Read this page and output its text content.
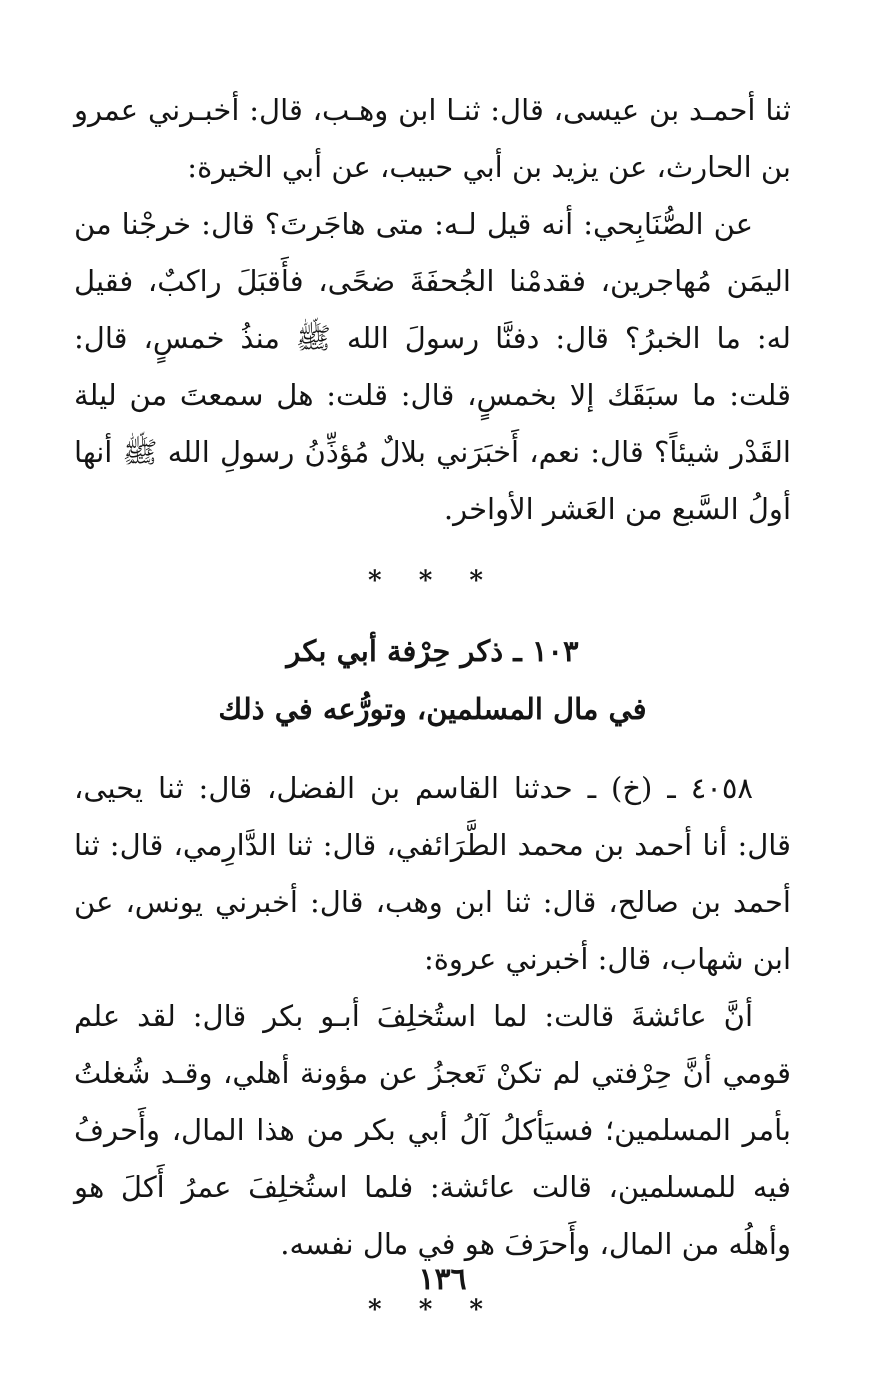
ثنا أحمـد بن عيسى، قال: ثنـا ابن وهـب، قال: أخبـرني عمرو بن الحارث، عن يزيد بن أبي حبيب، عن أبي الخيرة:

عن الصُّنَابِحي: أنه قيل لـه: متى هاجَرتَ؟ قال: خرجْنا من اليمَن مُهاجرين، فقدمْنا الجُحفَةَ ضحًى، فأَقبَلَ راكبٌ، فقيل له: ما الخبرُ؟ قال: دفنَّا رسولَ الله ﷺ منذُ خمسٍ، قال: قلت: ما سبَقَك إلا بخمسٍ، قال: قلت: هل سمعتَ من ليلة القَدْر شيئاً؟ قال: نعم، أَخبَرَني بلالٌ مُؤذِّنُ رسولِ الله ﷺ أنها أولُ السَّبع من العَشر الأواخر.

* * *
١٠٣ ـ ذكر حِرْفة أبي بكر
في مال المسلمين، وتورُّعه في ذلك

٤٠٥٨ ـ (خ) ـ حدثنا القاسم بن الفضل، قال: ثنا يحيى، قال: أنا أحمد بن محمد الطَّرَائفي، قال: ثنا الدَّارِمي، قال: ثنا أحمد بن صالح، قال: ثنا ابن وهب، قال: أخبرني يونس، عن ابن شهاب، قال: أخبرني عروة:

أنَّ عائشةَ قالت: لما استُخلِفَ أبـو بكر قال: لقد علم قومي أنَّ حِرْفتي لم تكنْ تَعجزُ عن مؤونة أهلي، وقـد شُغلتُ بأمر المسلمين؛ فسيَأكلُ آلُ أبي بكر من هذا المال، وأَحرفُ فيه للمسلمين، قالت عائشة: فلما استُخلِفَ عمرُ أَكلَ هو وأهلُه من المال، وأَحرَفَ هو في مال نفسه.

* * *
١٣٦
